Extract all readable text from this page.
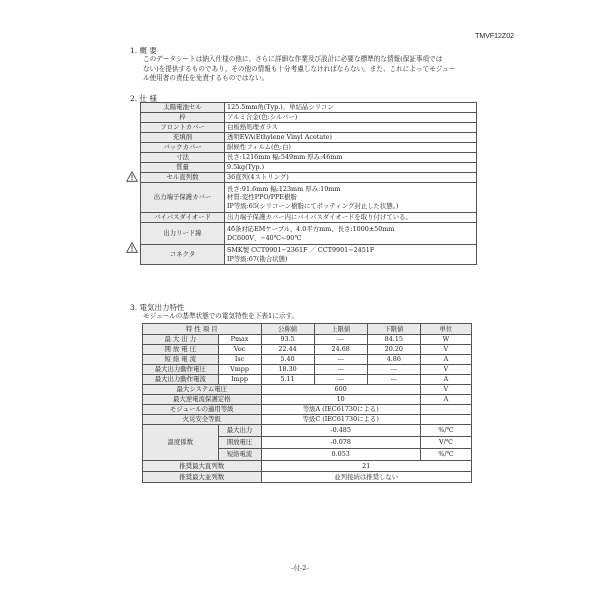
TMVF12Z02
1. 概 要
このデータシートは納入仕様の他に、さらに詳細な作業及び設計に必要な標準的な情報(保証事項では
ない)を提供するものであり、その他の情報も十分考慮しなければならない。また、これによってモジュー
ル使用者の責任を免責するものではない。
2. 仕 様
太陽電池セル	125.5mm角(Typ.)、単結晶シリコン
枠	アルミ合金(色:シルバー)
フロントカバー	白板熱処理ガラス
充填剤	透明EVA(Ethylene Vinyl Acetate)
バックカバー	耐候性フィルム(色:白)
寸法	長さ:1216mm 幅:549mm 厚み:46mm
質量	9.5kg(Typ.)
セル直列数	36直列(4ストリング)
出力端子保護カバー	長さ:91.6mm 幅:123mm 厚み:19mm
材質:変性PPO/PPE樹脂
IP等級:65(シリコーン樹脂にてポッティング封止した状態。)

バイパスダイオード	出力端子保護カバー内にバイパスダイオードを取り付けている。
出力リード線	4б条対応EMケーブル、4.0平方mm、長さ:1000±50mm
DC600V、−40℃~90℃

コネクタ	SMK製 CCT9901−2361F ／ CCT9901−2451F
IP等級:67(勘合状態)
3. 電気出力特性
モジュールの基準状態での電気特性を下表1に示す。
特 性 項 目		公称値	上限値	下限値	単位
最 大 出 力	Pmax	93.5	---	84.15	W
開 放 電 圧	Voc	22.44	24.68	20.20	V
短 絡 電 流	Isc	5.40	---	4.86	A
最大出力動作電圧	Vmpp	18.30	---	---	V
最大出力動作電流	Impp	5.11	---	---	A
最大システム電圧		600			V
最大逆電流保護定格		10			A
モジュールの適用等級		等級A (IEC61730による)			
火災安全等級		等級C (IEC61730による)			
温度係数	最大出力	-0.485			%/℃
	開放電圧	-0.078			V/℃
	短絡電流	0.053			%/℃
推奨最大直列数		21			
推奨最大並列数		並列接続は推奨しない			
-付-2-
